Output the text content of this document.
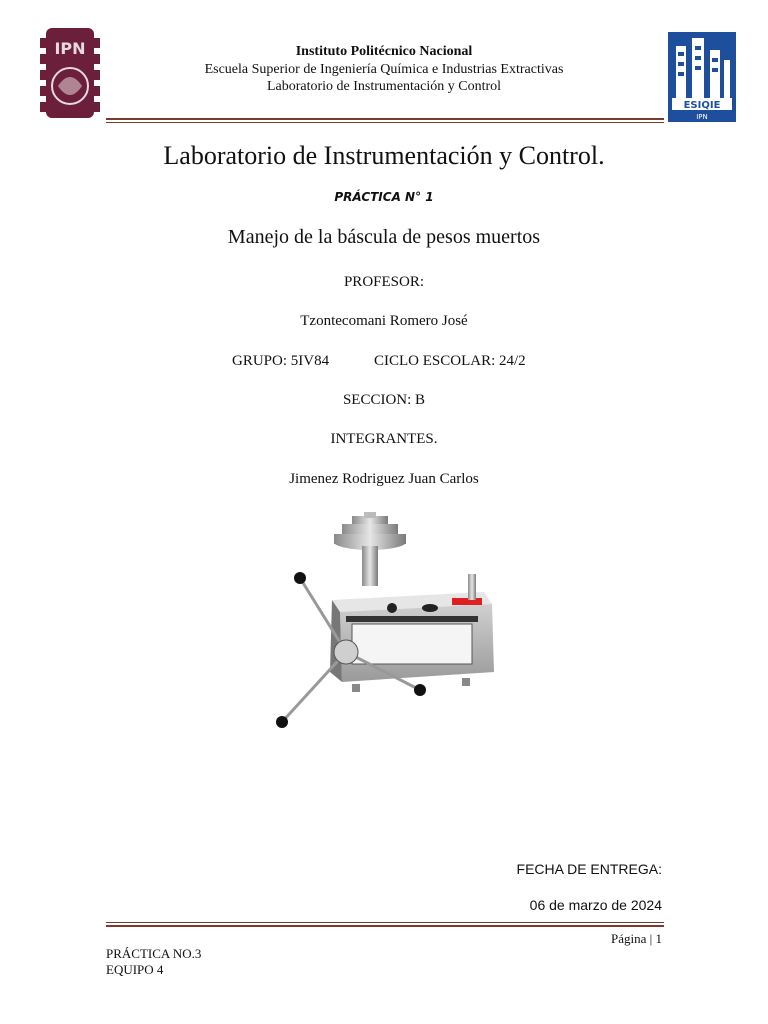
IPN	Instituto Politécnico Nacional
Escuela Superior de Ingeniería Química e Industrias Extractivas
Laboratorio de Instrumentación y Control
ESIQIE
IPN
Laboratorio de Instrumentación y Control.
PRÁCTICA N° 1
Manejo de la báscula de pesos muertos
PROFESOR:
Tzontecomani Romero José
GRUPO: 5IV84	CICLO ESCOLAR: 24/2
SECCION: B
INTEGRANTES.
Jimenez Rodriguez Juan Carlos
FECHA DE ENTREGA:
06 de marzo de 2024
Página | 1
PRÁCTICA NO.3
EQUIPO 4
